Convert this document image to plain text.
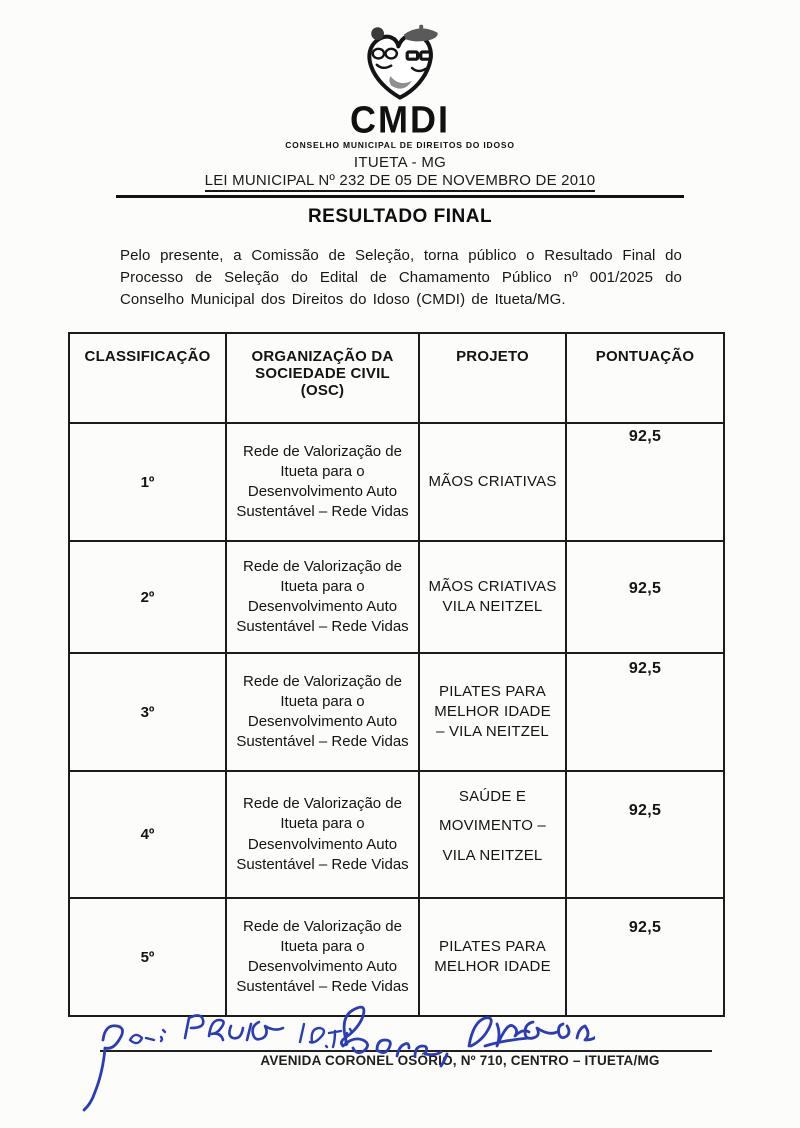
CMDI
CONSELHO MUNICIPAL DE DIREITOS DO IDOSO
ITUETA - MG
LEI MUNICIPAL Nº 232 DE 05 DE NOVEMBRO DE 2010
RESULTADO FINAL

Pelo presente, a Comissão de Seleção, torna público o Resultado Final do Processo de Seleção do Edital de Chamamento Público nº 001/2025 do Conselho Municipal dos Direitos do Idoso (CMDI) de Itueta/MG.

CLASSIFICAÇÃO	ORGANIZAÇÃO DA SOCIEDADE CIVIL (OSC)	PROJETO	PONTUAÇÃO
1º	Rede de Valorização de Itueta para o Desenvolvimento Auto Sustentável – Rede Vidas	MÃOS CRIATIVAS	92,5
2º	Rede de Valorização de Itueta para o Desenvolvimento Auto Sustentável – Rede Vidas	MÃOS CRIATIVAS VILA NEITZEL	92,5
3º	Rede de Valorização de Itueta para o Desenvolvimento Auto Sustentável – Rede Vidas	PILATES PARA MELHOR IDADE – VILA NEITZEL	92,5
4º	Rede de Valorização de Itueta para o Desenvolvimento Auto Sustentável – Rede Vidas	SAÚDE E MOVIMENTO – VILA NEITZEL	92,5
5º	Rede de Valorização de Itueta para o Desenvolvimento Auto Sustentável – Rede Vidas	PILATES PARA MELHOR IDADE	92,5
AVENIDA CORONEL OSÓRIO, Nº 710, CENTRO – ITUETA/MG
